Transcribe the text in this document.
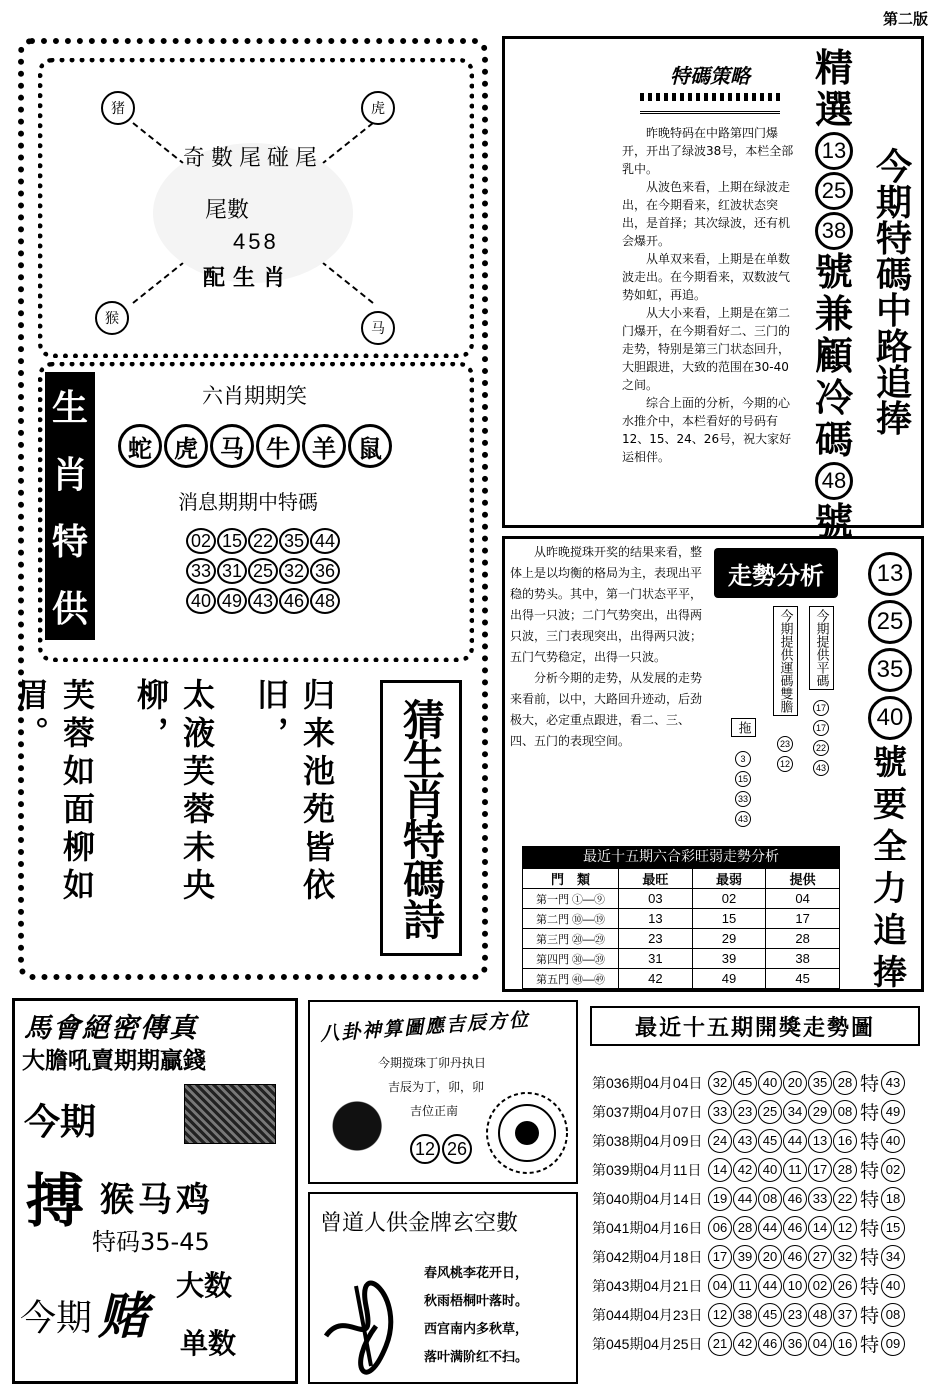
第二版
猪	虎
猴
马
奇數尾碰尾
尾數
458
配生肖
生
肖
特
供
六肖期期笑
蛇 虎 马 牛 羊 鼠
消息期期中特碼
02 15 22 35 44
33 31 25 32 36
40 49 43 46 48
归来池苑皆依旧，
太液芙蓉未央柳，
芙蓉如面柳如眉。	猜生肖特碼詩
特碼策略

昨晚特码在中路第四门爆开，开出了绿波38号，本栏全部乳中。

从波色来看，上期在绿波走出，在今期看来，红波状态突出，是首择；其次绿波，还有机会爆开。

从单双来看，上期是在单数波走出。在今期看来，双数波气势如虹，再追。

从大小来看，上期是在第二门爆开，在今期看好二、三门的走势，特别是第三门状态回升，大胆跟进，大致的范围在30-40之间。

综合上面的分析，今期的心水推介中，本栏看好的号码有12、15、24、26号，祝大家好运相伴。

精
選
13
25
38
號
兼
顧
冷
碼
48
號
今
期
特
碼
中
路
追
捧

从昨晚搅珠开奖的结果来看，整体上是以均衡的格局为主，表现出平稳的势头。其中，第一门状态平平，出得一只波；二门气势突出，出得两只波，三门表现突出，出得两只波；五门气势稳定，出得一只波。

分析今期的走势，从发展的走势来看前，以中，大路回升迹动，后劲极大，必定重点跟进，看二、三、四、五门的表现空间。

走勢分析
今期提供平碼
17
17
22
43
今期提供運碼雙膽
23
12
拖
3
15
33
43
13
25
35
40
號
要
全
力
追
捧
最近十五期六合彩旺弱走勢分析
門　類	最旺	最弱	提供
第一門 ①—⑨	03	02	04
第二門 ⑩—⑲	13	15	17
第三門 ⑳—㉙	23	29	28
第四門 ㉚—㊴	31	39	38
第五門 ㊵—㊾	42	49	45
馬會絕密傳真
大膽吼賣期期贏錢
今期
搏 猴马鸡
特码35-45
今期 赌
大数
单数
八卦神算圖應吉辰方位
今期搅珠丁卯丹执日
吉辰为丁，卯，卯
吉位正南
12 26
曾道人供金牌玄空數

春风桃李花开日，

秋雨梧桐叶落时。

西宫南内多秋草，

落叶满阶红不扫。

最近十五期開獎走勢圖
第036期04月04日 32 45 40 20 35 28 特 43
第037期04月07日 33 23 25 34 29 08 特 49
第038期04月09日 24 43 45 44 13 16 特 40
第039期04月11日 14 42 40 11 17 28 特 02
第040期04月14日 19 44 08 46 33 22 特 18
第041期04月16日 06 28 44 46 14 12 特 15
第042期04月18日 17 39 20 46 27 32 特 34
第043期04月21日 04 11 44 10 02 26 特 40
第044期04月23日 12 38 45 23 48 37 特 08
第045期04月25日 21 42 46 36 04 16 特 09
